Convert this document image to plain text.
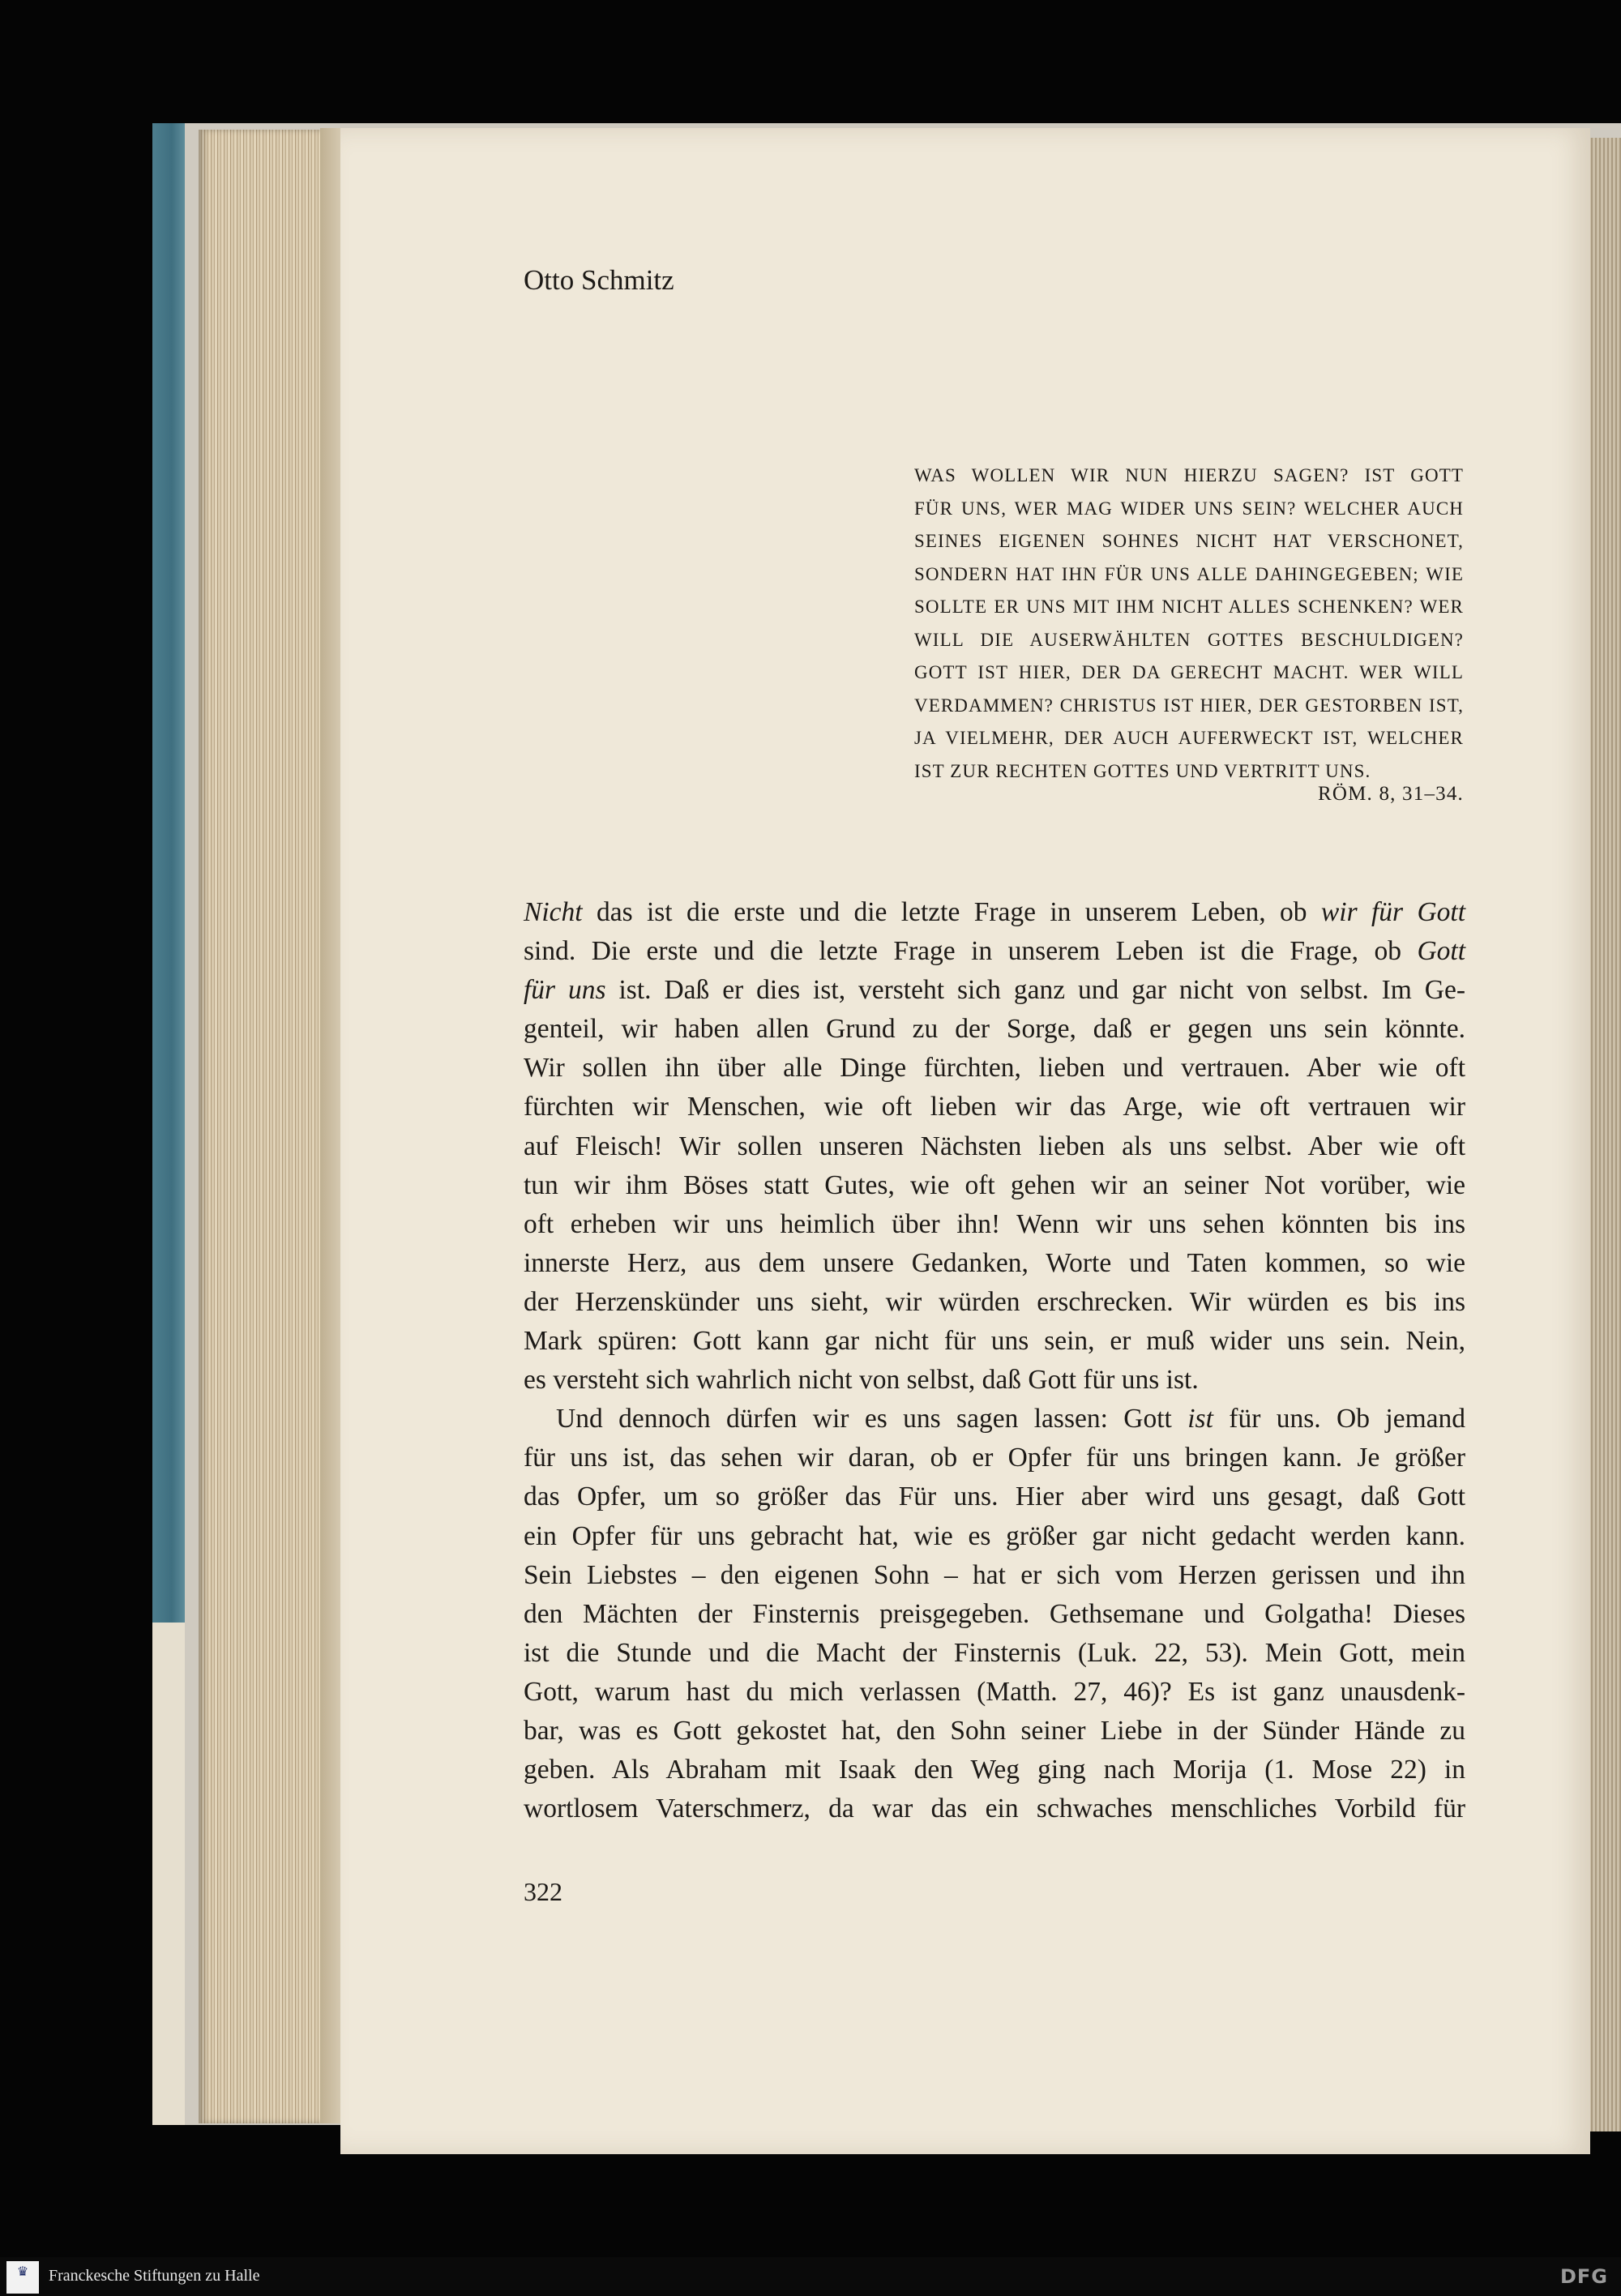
Otto Schmitz
WAS WOLLEN WIR NUN HIERZU SAGEN? IST GOTT
FÜR UNS, WER MAG WIDER UNS SEIN? WELCHER AUCH
SEINES EIGENEN SOHNES NICHT HAT VERSCHONET,
SONDERN HAT IHN FÜR UNS ALLE DAHINGEGEBEN; WIE
SOLLTE ER UNS MIT IHM NICHT ALLES SCHENKEN? WER
WILL DIE AUSERWÄHLTEN GOTTES BESCHULDIGEN?
GOTT IST HIER, DER DA GERECHT MACHT. WER WILL
VERDAMMEN? CHRISTUS IST HIER, DER GESTORBEN IST,
JA VIELMEHR, DER AUCH AUFERWECKT IST, WELCHER
IST ZUR RECHTEN GOTTES UND VERTRITT UNS.
RÖM. 8, 31–34.
Nicht das ist die erste und die letzte Frage in unserem Leben, ob wir für Gott
sind. Die erste und die letzte Frage in unserem Leben ist die Frage, ob Gott
für uns ist. Daß er dies ist, versteht sich ganz und gar nicht von selbst. Im Ge-
genteil, wir haben allen Grund zu der Sorge, daß er gegen uns sein könnte.
Wir sollen ihn über alle Dinge fürchten, lieben und vertrauen. Aber wie oft
fürchten wir Menschen, wie oft lieben wir das Arge, wie oft vertrauen wir
auf Fleisch! Wir sollen unseren Nächsten lieben als uns selbst. Aber wie oft
tun wir ihm Böses statt Gutes, wie oft gehen wir an seiner Not vorüber, wie
oft erheben wir uns heimlich über ihn! Wenn wir uns sehen könnten bis ins
innerste Herz, aus dem unsere Gedanken, Worte und Taten kommen, so wie
der Herzenskünder uns sieht, wir würden erschrecken. Wir würden es bis ins
Mark spüren: Gott kann gar nicht für uns sein, er muß wider uns sein. Nein,
es versteht sich wahrlich nicht von selbst, daß Gott für uns ist.
Und dennoch dürfen wir es uns sagen lassen: Gott ist für uns. Ob jemand
für uns ist, das sehen wir daran, ob er Opfer für uns bringen kann. Je größer
das Opfer, um so größer das Für uns. Hier aber wird uns gesagt, daß Gott
ein Opfer für uns gebracht hat, wie es größer gar nicht gedacht werden kann.
Sein Liebstes – den eigenen Sohn – hat er sich vom Herzen gerissen und ihn
den Mächten der Finsternis preisgegeben. Gethsemane und Golgatha! Dieses
ist die Stunde und die Macht der Finsternis (Luk. 22, 53). Mein Gott, mein
Gott, warum hast du mich verlassen (Matth. 27, 46)? Es ist ganz unausdenk-
bar, was es Gott gekostet hat, den Sohn seiner Liebe in der Sünder Hände zu
geben. Als Abraham mit Isaak den Weg ging nach Morija (1. Mose 22) in
wortlosem Vaterschmerz, da war das ein schwaches menschliches Vorbild für
322
♛ Franckesche Stiftungen zu Halle	DFG
